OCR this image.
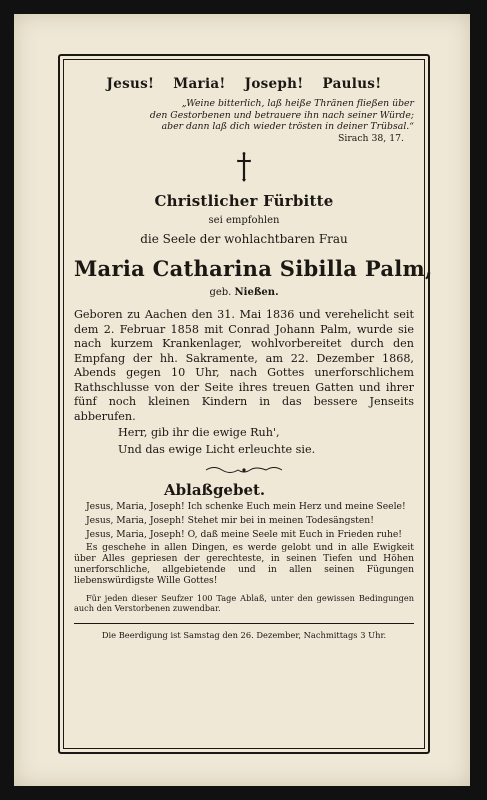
Jesus! Maria! Joseph! Paulus!
„Weine bitterlich, laß heiße Thränen fließen über
den Gestorbenen und betrauere ihn nach seiner Würde;
aber dann laß dich wieder trösten in deiner Trübsal.“
Sirach 38, 17.
Christlicher Fürbitte
sei empfohlen
die Seele der wohlachtbaren Frau
Maria Catharina Sibilla Palm,
geb. Nießen.
Geboren zu Aachen den 31. Mai 1836 und verehelicht seit dem 2. Februar 1858 mit Conrad Johann Palm, wurde sie nach kurzem Krankenlager, wohlvorbereitet durch den Empfang der hh. Sakramente, am 22. Dezember 1868, Abends gegen 10 Uhr, nach Gottes unerforschlichem Rathschlusse von der Seite ihres treuen Gatten und ihrer fünf noch kleinen Kindern in das bessere Jenseits abberufen.
Herr, gib ihr die ewige Ruh',
Und das ewige Licht erleuchte sie.
Ablaßgebet.
Jesus, Maria, Joseph! Ich schenke Euch mein Herz und meine Seele!
Jesus, Maria, Joseph! Stehet mir bei in meinen Todesängsten!
Jesus, Maria, Joseph! O, daß meine Seele mit Euch in Frieden ruhe!
Es geschehe in allen Dingen, es werde gelobt und in alle Ewigkeit über Alles gepriesen der gerechteste, in seinen Tiefen und Höhen unerforschliche, allgebietende und in allen seinen Fügungen liebenswürdigste Wille Gottes!
Für jeden dieser Seufzer 100 Tage Ablaß, unter den gewissen Bedingungen auch den Verstorbenen zuwendbar.
Die Beerdigung ist Samstag den 26. Dezember, Nachmittags 3 Uhr.
